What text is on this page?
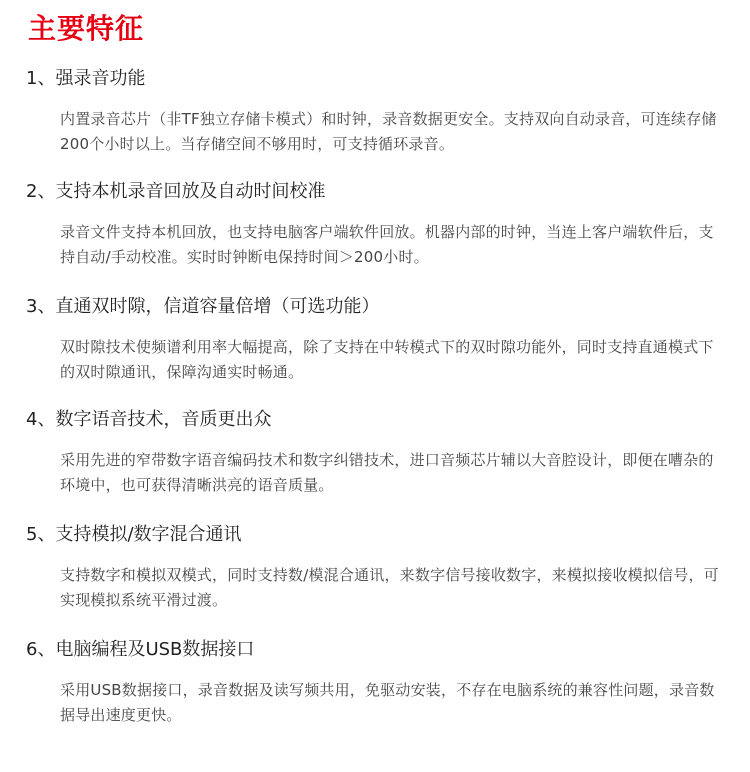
主要特征
1、强录音功能

内置录音芯片（非TF独立存储卡模式）和时钟，录音数据更安全。支持双向自动录音，可连续存储200个小时以上。当存储空间不够用时，可支持循环录音。

2、支持本机录音回放及自动时间校准

录音文件支持本机回放，也支持电脑客户端软件回放。机器内部的时钟，当连上客户端软件后，支持自动/手动校准。实时时钟断电保持时间＞200小时。

3、直通双时隙，信道容量倍增（可选功能）

双时隙技术使频谱利用率大幅提高，除了支持在中转模式下的双时隙功能外，同时支持直通模式下的双时隙通讯，保障沟通实时畅通。

4、数字语音技术，音质更出众

采用先进的窄带数字语音编码技术和数字纠错技术，进口音频芯片辅以大音腔设计，即便在嘈杂的环境中，也可获得清晰洪亮的语音质量。

5、支持模拟/数字混合通讯

支持数字和模拟双模式，同时支持数/模混合通讯，来数字信号接收数字，来模拟接收模拟信号，可实现模拟系统平滑过渡。

6、电脑编程及USB数据接口

采用USB数据接口，录音数据及读写频共用，免驱动安装，不存在电脑系统的兼容性问题，录音数据导出速度更快。
